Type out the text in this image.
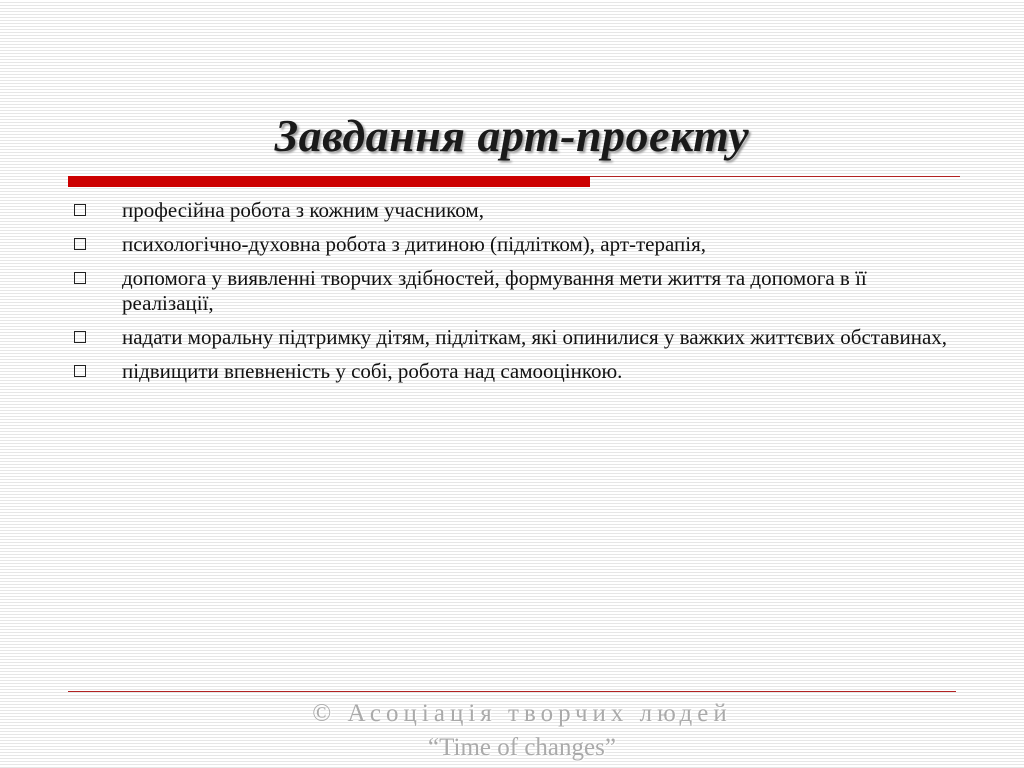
Завдання арт-проекту
професійна робота з кожним учасником,
психологічно-духовна робота з дитиною (підлітком), арт-терапія,
допомога у виявленні творчих здібностей, формування мети життя та допомога в її реалізації,
надати моральну підтримку дітям, підліткам, які опинилися у важких життєвих обставинах,
підвищити впевненість у собі, робота над самооцінкою.
© Асоціація творчих людей
“Time of changes”
